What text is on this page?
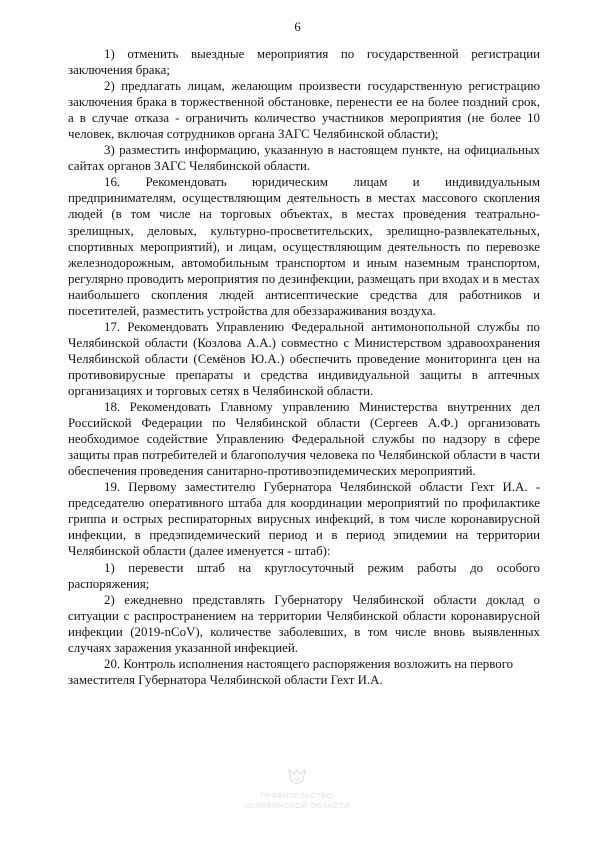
6

1) отменить выездные мероприятия по государственной регистрации заключения брака;

2) предлагать лицам, желающим произвести государственную регистрацию заключения брака в торжественной обстановке, перенести ее на более поздний срок, а в случае отказа - ограничить количество участников мероприятия (не более 10 человек, включая сотрудников органа ЗАГС Челябинской области);

3) разместить информацию, указанную в настоящем пункте, на официальных сайтах органов ЗАГС Челябинской области.

16. Рекомендовать юридическим лицам и индивидуальным предпринимателям, осуществляющим деятельность в местах массового скопления людей (в том числе на торговых объектах, в местах проведения театрально-зрелищных, деловых, культурно-просветительских, зрелищно-развлекательных, спортивных мероприятий), и лицам, осуществляющим деятельность по перевозке железнодорожным, автомобильным транспортом и иным наземным транспортом, регулярно проводить мероприятия по дезинфекции, размещать при входах и в местах наибольшего скопления людей антисептические средства для работников и посетителей, разместить устройства для обеззараживания воздуха.

17. Рекомендовать Управлению Федеральной антимонопольной службы по Челябинской области (Козлова А.А.) совместно с Министерством здравоохранения Челябинской области (Семёнов Ю.А.) обеспечить проведение мониторинга цен на противовирусные препараты и средства индивидуальной защиты в аптечных организациях и торговых сетях в Челябинской области.

18. Рекомендовать Главному управлению Министерства внутренних дел Российской Федерации по Челябинской области (Сергеев А.Ф.) организовать необходимое содействие Управлению Федеральной службы по надзору в сфере защиты прав потребителей и благополучия человека по Челябинской области в части обеспечения проведения санитарно-противоэпидемических мероприятий.

19. Первому заместителю Губернатора Челябинской области Гехт И.А. - председателю оперативного штаба для координации мероприятий по профилактике гриппа и острых респираторных вирусных инфекций, в том числе коронавирусной инфекции, в предэпидемический период и в период эпидемии на территории Челябинской области (далее именуется - штаб):

1) перевести штаб на круглосуточный режим работы до особого распоряжения;

2) ежедневно представлять Губернатору Челябинской области доклад о ситуации с распространением на территории Челябинской области коронавирусной инфекции (2019-nCoV), количестве заболевших, в том числе вновь выявленных случаях заражения указанной инфекцией.

20. Контроль исполнения настоящего распоряжения возложить на первого заместителя Губернатора Челябинской области Гехт И.А.

ПРАВИТЕЛЬСТВО
ЧЕЛЯБИНСКОЙ ОБЛАСТИ
